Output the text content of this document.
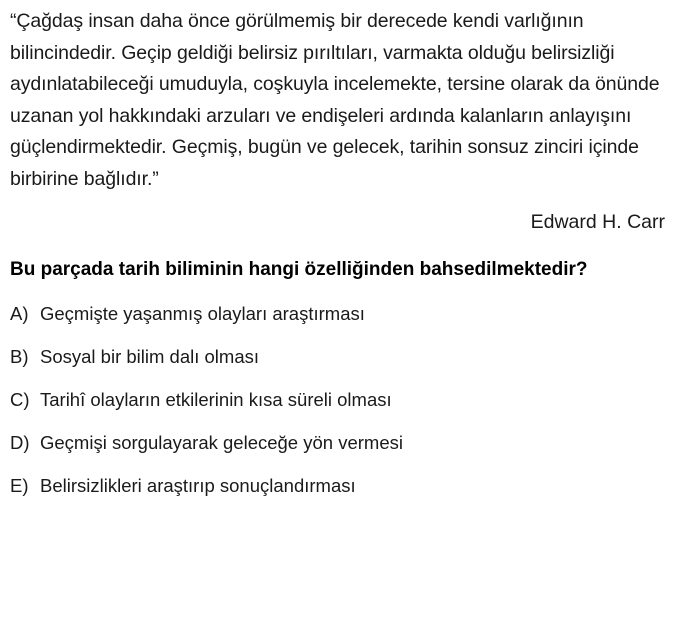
“Çağdaş insan daha önce görülmemiş bir derecede kendi varlığının bilincindedir. Geçip geldiği belirsiz pırıltıları, varmakta olduğu belirsizliği aydınlatabileceği umuduyla, coşkuyla incelemekte, tersine olarak da önünde uzanan yol hakkındaki arzuları ve endişeleri ardında kalanların anlayışını güçlendirmektedir. Geçmiş, bugün ve gelecek, tarihin sonsuz zinciri içinde birbirine bağlıdır.”

Edward H. Carr
Bu parçada tarih biliminin hangi özelliğinden bahsedilmektedir?
A) Geçmişte yaşanmış olayları araştırması
B) Sosyal bir bilim dalı olması
C) Tarihî olayların etkilerinin kısa süreli olması
D) Geçmişi sorgulayarak geleceğe yön vermesi
E) Belirsizlikleri araştırıp sonuçlandırması
